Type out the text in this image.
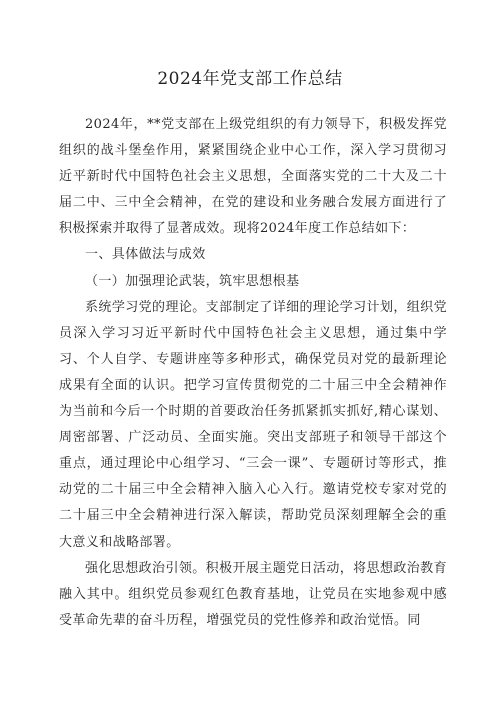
2024年党支部工作总结

2024年，**党支部在上级党组织的有力领导下，积极发挥党组织的战斗堡垒作用，紧紧围绕企业中心工作，深入学习贯彻习近平新时代中国特色社会主义思想，全面落实党的二十大及二十届二中、三中全会精神，在党的建设和业务融合发展方面进行了积极探索并取得了显著成效。现将2024年度工作总结如下：

一、具体做法与成效

（一）加强理论武装，筑牢思想根基

系统学习党的理论。支部制定了详细的理论学习计划，组织党员深入学习习近平新时代中国特色社会主义思想，通过集中学习、个人自学、专题讲座等多种形式，确保党员对党的最新理论成果有全面的认识。把学习宣传贯彻党的二十届三中全会精神作为当前和今后一个时期的首要政治任务抓紧抓实抓好,精心谋划、周密部署、广泛动员、全面实施。突出支部班子和领导干部这个重点，通过理论中心组学习、“三会一课”、专题研讨等形式，推动党的二十届三中全会精神入脑入心入行。邀请党校专家对党的二十届三中全会精神进行深入解读，帮助党员深刻理解全会的重大意义和战略部署。

强化思想政治引领。积极开展主题党日活动，将思想政治教育融入其中。组织党员参观红色教育基地，让党员在实地参观中感受革命先辈的奋斗历程，增强党员的党性修养和政治觉悟。同
